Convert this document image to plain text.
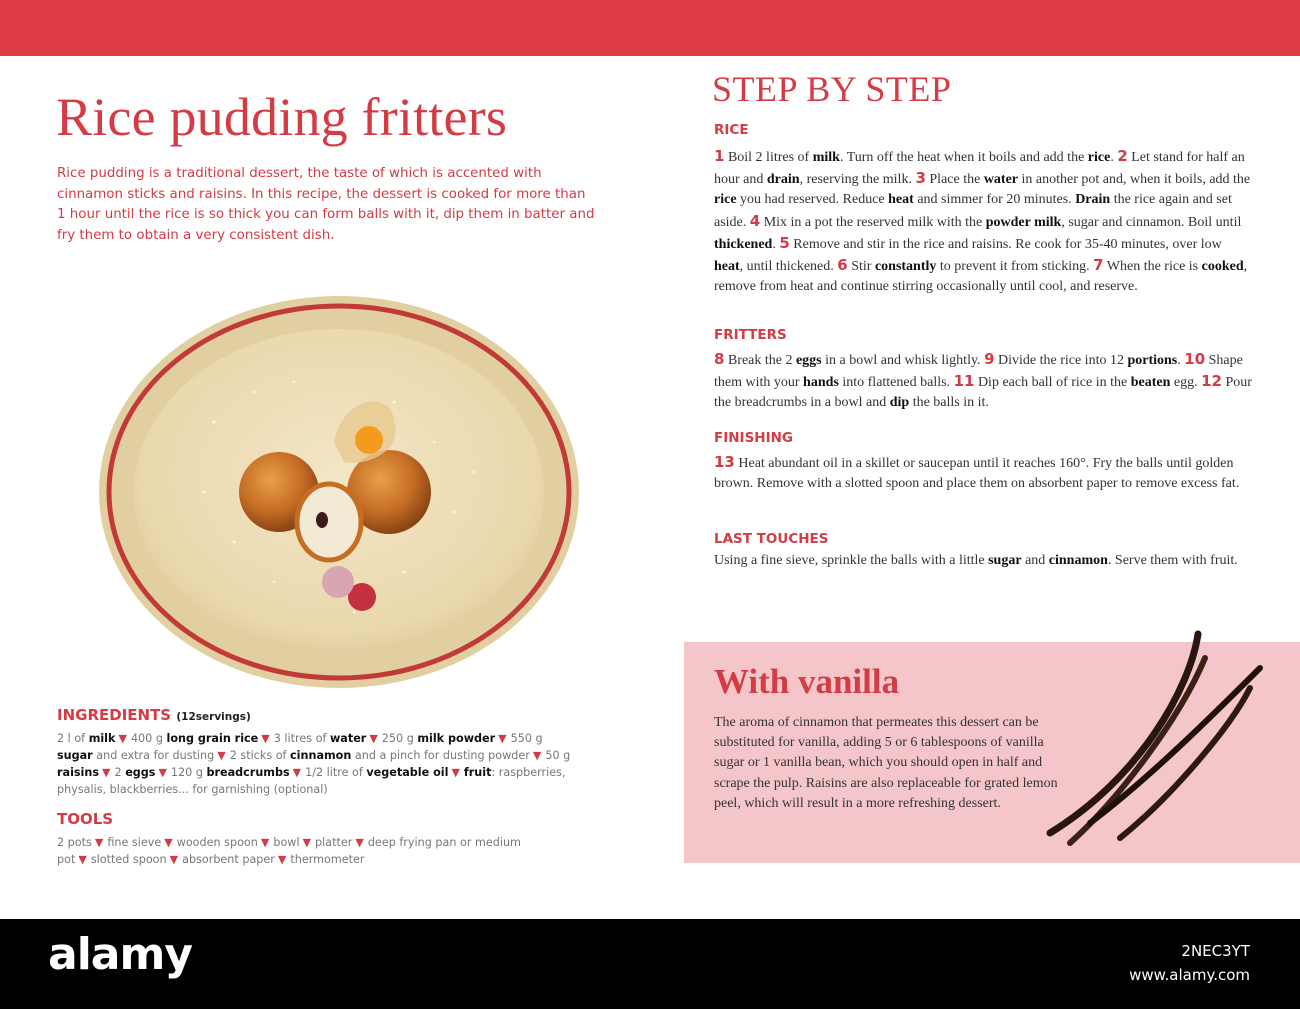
Rice pudding fritters

Rice pudding is a traditional dessert, the taste of which is accented with cinnamon sticks and raisins. In this recipe, the dessert is cooked for more than 1 hour until the rice is so thick you can form balls with it, dip them in batter and fry them to obtain a very consistent dish.

INGREDIENTS (12servings)

2 l of milk ▼ 400 g long grain rice ▼ 3 litres of water ▼ 250 g milk powder ▼ 550 g sugar and extra for dusting ▼ 2 sticks of cinnamon and a pinch for dusting powder ▼ 50 g raisins ▼ 2 eggs ▼ 120 g breadcrumbs ▼ 1/2 litre of vegetable oil ▼ fruit: raspberries, physalis, blackberries... for garnishing (optional)

TOOLS

2 pots ▼ fine sieve ▼ wooden spoon ▼ bowl ▼ platter ▼ deep frying pan or medium pot ▼ slotted spoon ▼ absorbent paper ▼ thermometer

STEP BY STEP
RICE

1 Boil 2 litres of milk. Turn off the heat when it boils and add the rice. 2 Let stand for half an hour and drain, reserving the milk. 3 Place the water in another pot and, when it boils, add the rice you had reserved. Reduce heat and simmer for 20 minutes. Drain the rice again and set aside. 4 Mix in a pot the reserved milk with the powder milk, sugar and cinnamon. Boil until thickened. 5 Remove and stir in the rice and raisins. Re cook for 35-40 minutes, over low heat, until thickened. 6 Stir constantly to prevent it from sticking. 7 When the rice is cooked, remove from heat and continue stirring occasionally until cool, and reserve.

FRITTERS

8 Break the 2 eggs in a bowl and whisk lightly. 9 Divide the rice into 12 portions. 10 Shape them with your hands into flattened balls. 11 Dip each ball of rice in the beaten egg. 12 Pour the breadcrumbs in a bowl and dip the balls in it.

FINISHING

13 Heat abundant oil in a skillet or saucepan until it reaches 160°. Fry the balls until golden brown. Remove with a slotted spoon and place them on absorbent paper to remove excess fat.

LAST TOUCHES

Using a fine sieve, sprinkle the balls with a little sugar and cinnamon. Serve them with fruit.

With vanilla

The aroma of cinnamon that permeates this dessert can be substituted for vanilla, adding 5 or 6 tablespoons of vanilla sugar or 1 vanilla bean, which you should open in half and scrape the pulp. Raisins are also replaceable for grated lemon peel, which will result in a more refreshing dessert.

alamy	2NEC3YT

www.alamy.com
